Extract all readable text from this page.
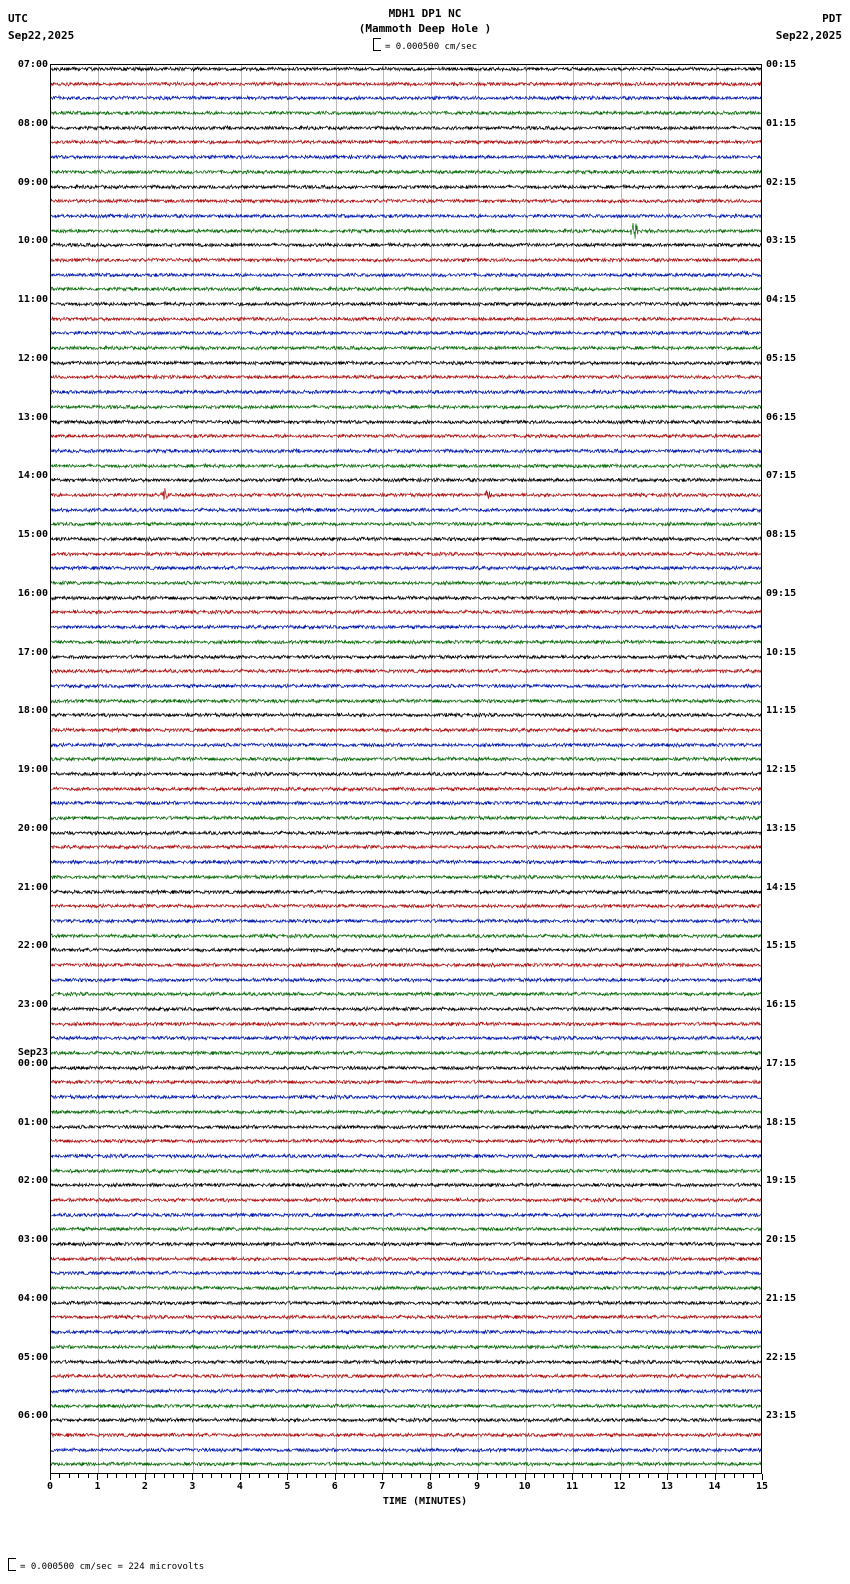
UTC
Sep22,2025
MDH1 DP1 NC
(Mammoth Deep Hole )
PDT
Sep22,2025
= 0.000500 cm/sec
0	1	2	3	4	5	6	7	8	9	10	11	12	13	14	15
TIME (MINUTES)
= 0.000500 cm/sec = 224 microvolts
07:00	00:15
08:00	01:15
09:00	02:15
10:00	03:15
11:00	04:15
12:00	05:15
13:00	06:15
14:00	07:15
15:00	08:15
16:00	09:15
17:00	10:15
18:00	11:15
19:00	12:15
20:00	13:15
21:00	14:15
22:00	15:15
23:00	16:15
00:00	17:15
Sep23
01:00	18:15
02:00	19:15
03:00	20:15
04:00	21:15
05:00	22:15
06:00	23:15
